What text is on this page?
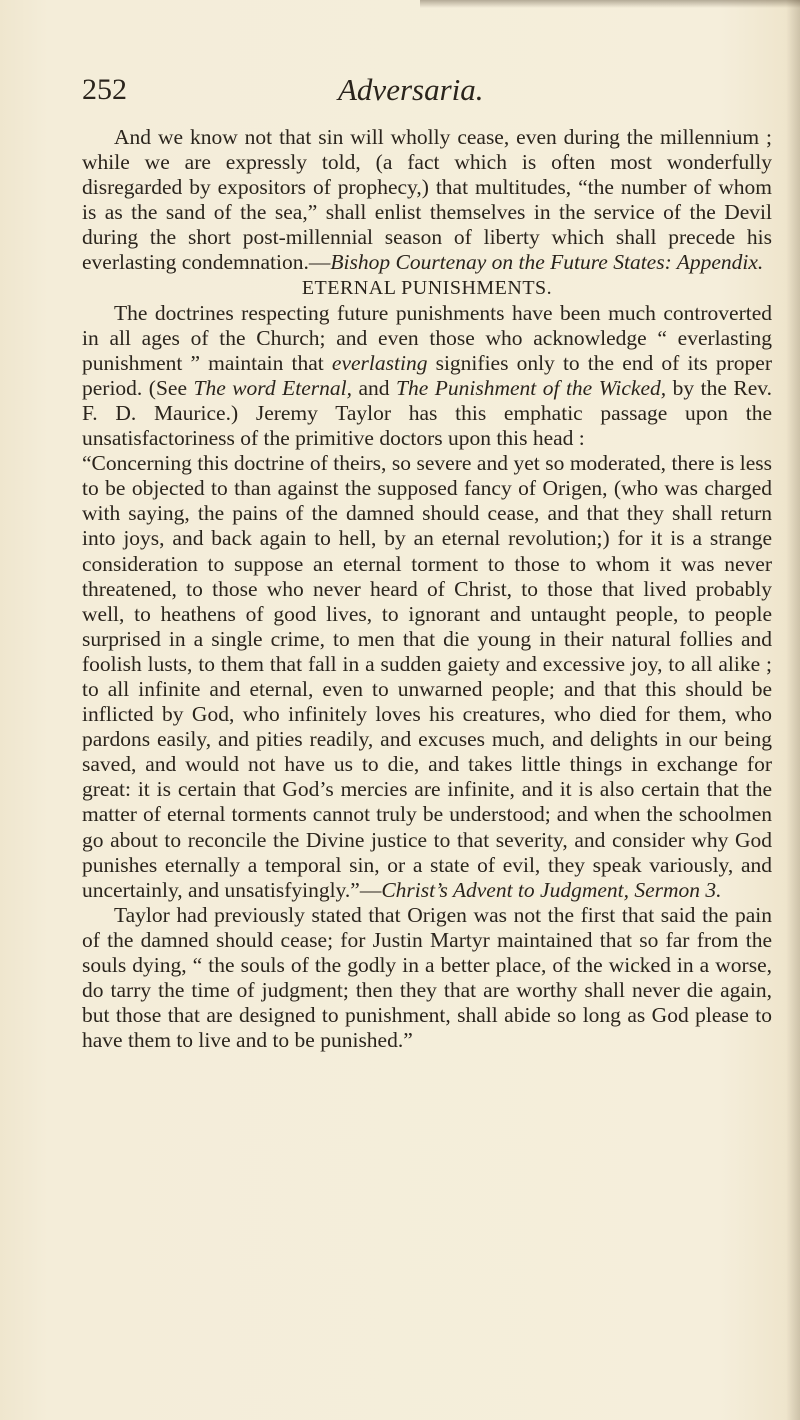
252	Adversaria.

And we know not that sin will wholly cease, even during the millennium ; while we are expressly told, (a fact which is often most wonderfully disregarded by expositors of prophecy,) that multitudes, “the number of whom is as the sand of the sea,” shall enlist themselves in the service of the Devil during the short post-millennial season of liberty which shall precede his everlasting condemnation.—Bishop Courtenay on the Future States: Appendix.

ETERNAL PUNISHMENTS.

The doctrines respecting future punishments have been much controverted in all ages of the Church; and even those who acknowledge “ everlasting punishment ” maintain that everlasting signifies only to the end of its proper period. (See The word Eternal, and The Punishment of the Wicked, by the Rev. F. D. Maurice.) Jeremy Taylor has this emphatic passage upon the unsatisfactoriness of the primitive doctors upon this head :

“Concerning this doctrine of theirs, so severe and yet so moderated, there is less to be objected to than against the supposed fancy of Origen, (who was charged with saying, the pains of the damned should cease, and that they shall return into joys, and back again to hell, by an eternal revolution;) for it is a strange consideration to suppose an eternal torment to those to whom it was never threatened, to those who never heard of Christ, to those that lived probably well, to heathens of good lives, to ignorant and untaught people, to people surprised in a single crime, to men that die young in their natural follies and foolish lusts, to them that fall in a sudden gaiety and excessive joy, to all alike ; to all infinite and eternal, even to unwarned people; and that this should be inflicted by God, who infinitely loves his creatures, who died for them, who pardons easily, and pities readily, and excuses much, and delights in our being saved, and would not have us to die, and takes little things in exchange for great: it is certain that God’s mercies are infinite, and it is also certain that the matter of eternal torments cannot truly be understood; and when the schoolmen go about to reconcile the Divine justice to that severity, and consider why God punishes eternally a temporal sin, or a state of evil, they speak variously, and uncertainly, and unsatisfyingly.”—Christ’s Advent to Judgment, Sermon 3.

Taylor had previously stated that Origen was not the first that said the pain of the damned should cease; for Justin Martyr maintained that so far from the souls dying, “ the souls of the godly in a better place, of the wicked in a worse, do tarry the time of judgment; then they that are worthy shall never die again, but those that are designed to punishment, shall abide so long as God please to have them to live and to be punished.”
